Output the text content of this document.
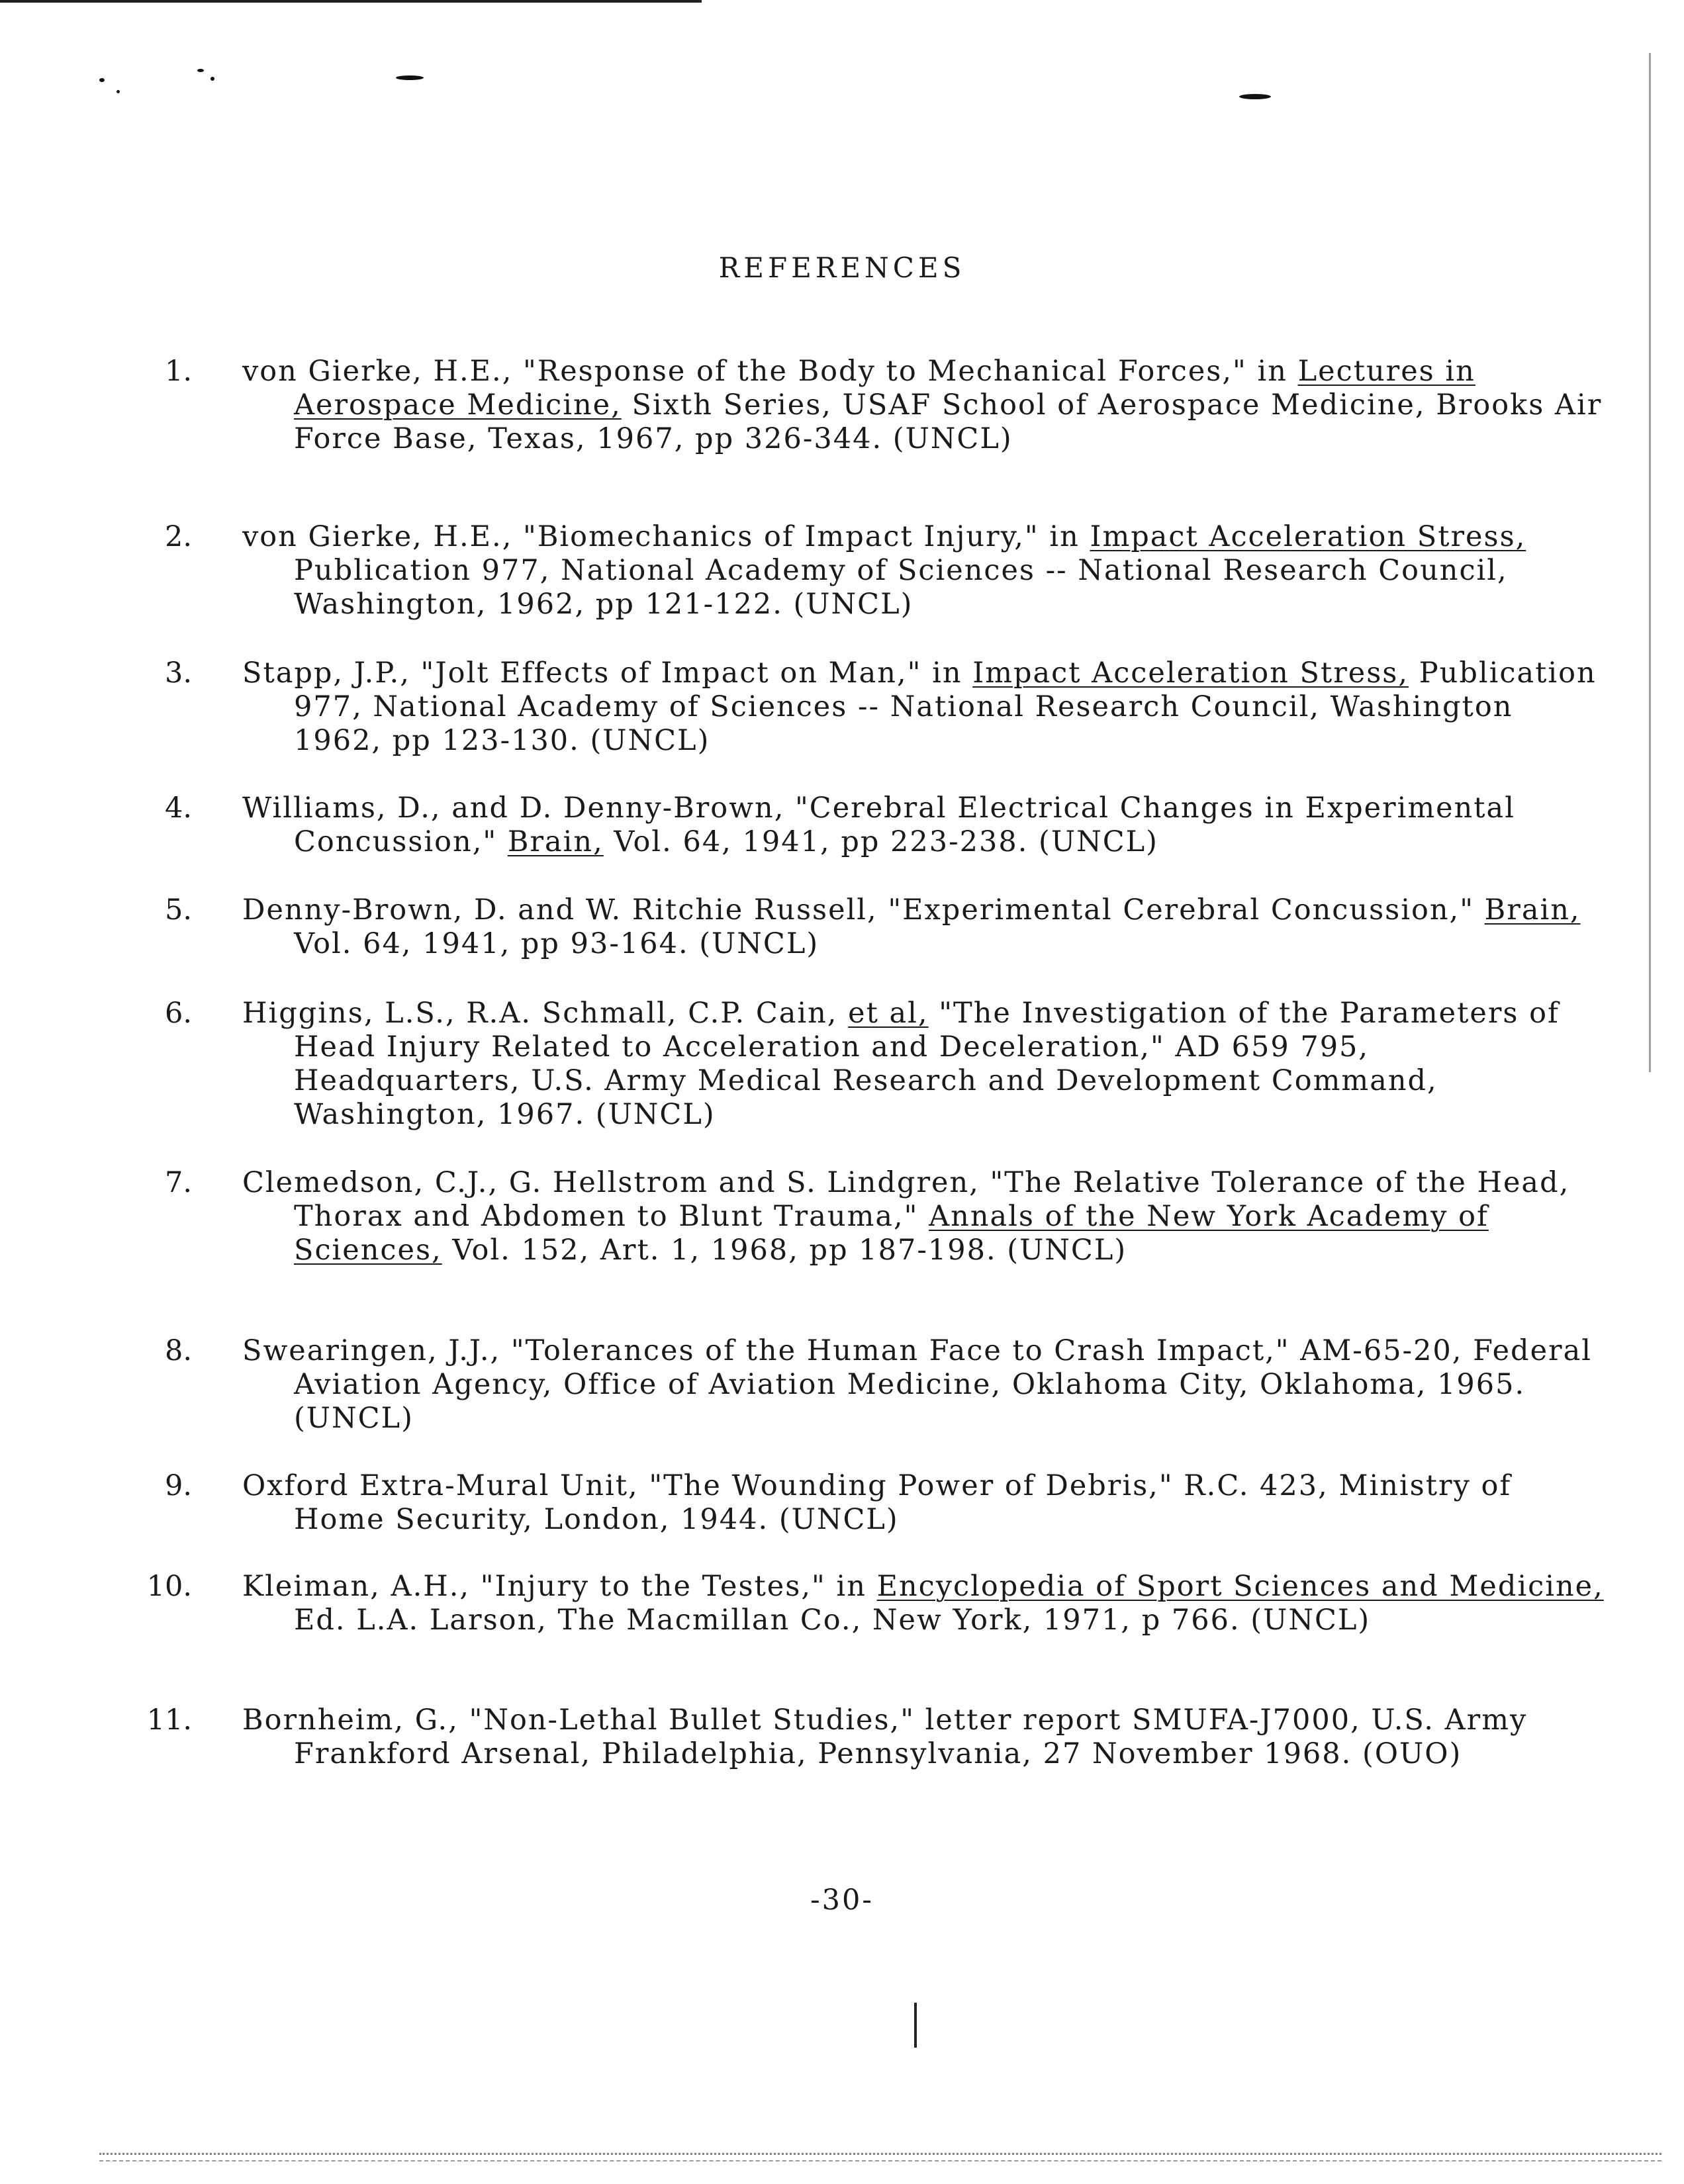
REFERENCES
1. von Gierke, H.E., "Response of the Body to Mechanical Forces," in Lectures in Aerospace Medicine, Sixth Series, USAF School of Aerospace Medicine, Brooks Air Force Base, Texas, 1967, pp 326-344. (UNCL)
2. von Gierke, H.E., "Biomechanics of Impact Injury," in Impact Acceleration Stress, Publication 977, National Academy of Sciences -- National Research Council, Washington, 1962, pp 121-122. (UNCL)
3. Stapp, J.P., "Jolt Effects of Impact on Man," in Impact Acceleration Stress, Publication 977, National Academy of Sciences -- National Research Council, Washington 1962, pp 123-130. (UNCL)
4. Williams, D., and D. Denny-Brown, "Cerebral Electrical Changes in Experimental Concussion," Brain, Vol. 64, 1941, pp 223-238. (UNCL)
5. Denny-Brown, D. and W. Ritchie Russell, "Experimental Cerebral Concussion," Brain, Vol. 64, 1941, pp 93-164. (UNCL)
6. Higgins, L.S., R.A. Schmall, C.P. Cain, et al, "The Investigation of the Parameters of Head Injury Related to Acceleration and Deceleration," AD 659 795, Headquarters, U.S. Army Medical Research and Development Command, Washington, 1967. (UNCL)
7. Clemedson, C.J., G. Hellstrom and S. Lindgren, "The Relative Tolerance of the Head, Thorax and Abdomen to Blunt Trauma," Annals of the New York Academy of Sciences, Vol. 152, Art. 1, 1968, pp 187-198. (UNCL)
8. Swearingen, J.J., "Tolerances of the Human Face to Crash Impact," AM-65-20, Federal Aviation Agency, Office of Aviation Medicine, Oklahoma City, Oklahoma, 1965. (UNCL)
9. Oxford Extra-Mural Unit, "The Wounding Power of Debris," R.C. 423, Ministry of Home Security, London, 1944. (UNCL)
10. Kleiman, A.H., "Injury to the Testes," in Encyclopedia of Sport Sciences and Medicine, Ed. L.A. Larson, The Macmillan Co., New York, 1971, p 766. (UNCL)
11. Bornheim, G., "Non-Lethal Bullet Studies," letter report SMUFA-J7000, U.S. Army Frankford Arsenal, Philadelphia, Pennsylvania, 27 November 1968. (OUO)
-30-
